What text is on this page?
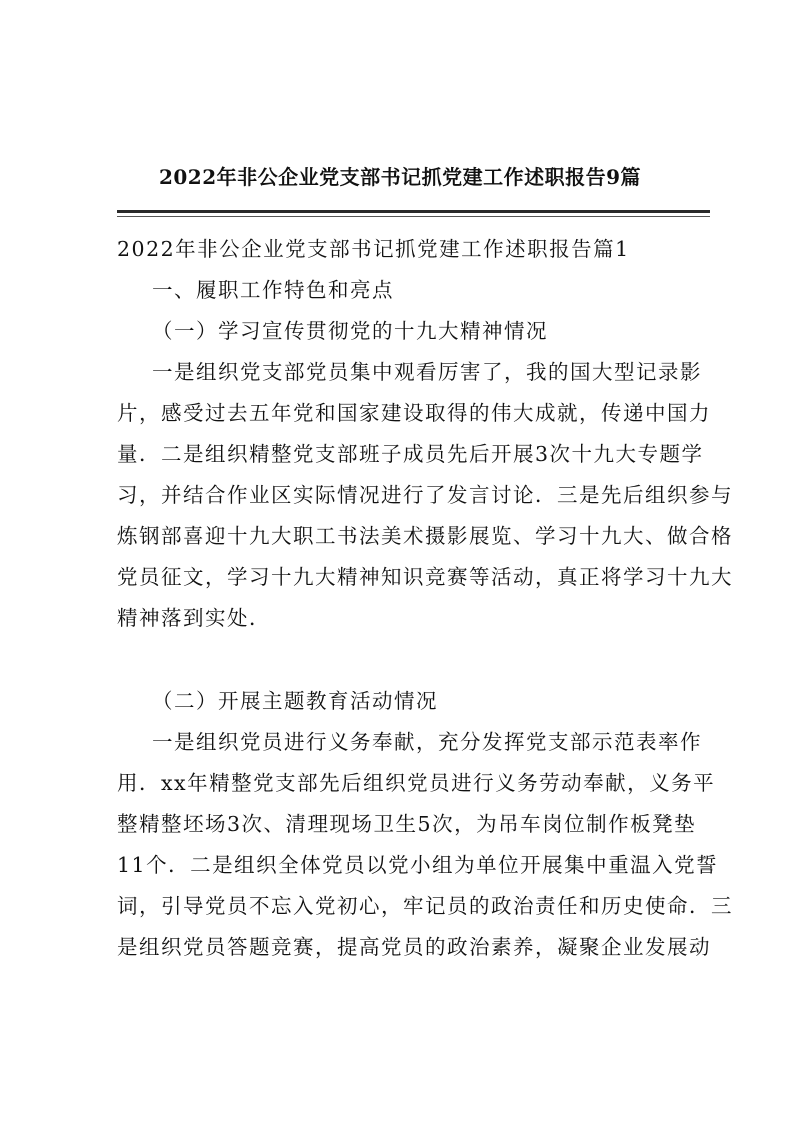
2022年非公企业党支部书记抓党建工作述职报告9篇
2022年非公企业党支部书记抓党建工作述职报告篇1
一、履职工作特色和亮点
（一）学习宣传贯彻党的十九大精神情况
一是组织党支部党员集中观看厉害了，我的国大型记录影
片，感受过去五年党和国家建设取得的伟大成就，传递中国力
量．二是组织精整党支部班子成员先后开展3次十九大专题学
习，并结合作业区实际情况进行了发言讨论．三是先后组织参与
炼钢部喜迎十九大职工书法美术摄影展览、学习十九大、做合格
党员征文，学习十九大精神知识竞赛等活动，真正将学习十九大
精神落到实处．
（二）开展主题教育活动情况
一是组织党员进行义务奉献，充分发挥党支部示范表率作
用．xx年精整党支部先后组织党员进行义务劳动奉献，义务平
整精整坯场3次、清理现场卫生5次，为吊车岗位制作板凳垫
11个．二是组织全体党员以党小组为单位开展集中重温入党誓
词，引导党员不忘入党初心，牢记员的政治责任和历史使命．三
是组织党员答题竞赛，提高党员的政治素养，凝聚企业发展动
